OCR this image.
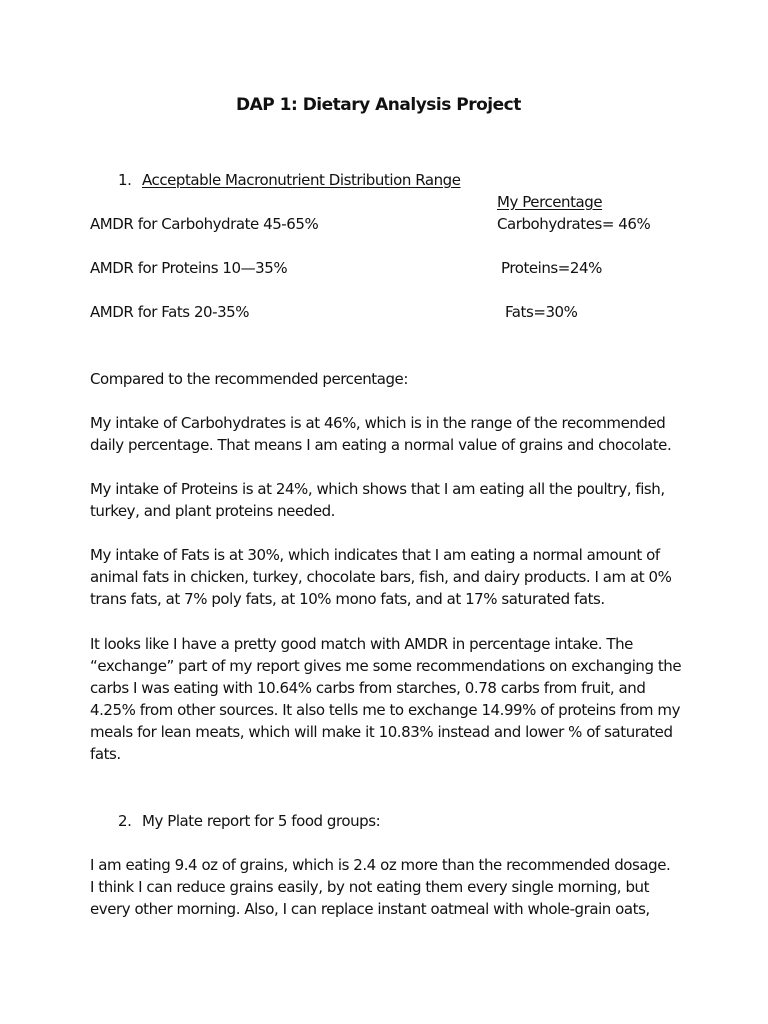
DAP 1: Dietary Analysis Project
1. Acceptable Macronutrient Distribution Range
My Percentage
AMDR for Carbohydrate 45-65%	Carbohydrates= 46%
AMDR for Proteins 10—35%	Proteins=24%
AMDR for Fats 20-35%	Fats=30%
Compared to the recommended percentage:
My intake of Carbohydrates is at 46%, which is in the range of the recommended
daily percentage. That means I am eating a normal value of grains and chocolate.
My intake of Proteins is at 24%, which shows that I am eating all the poultry, fish,
turkey, and plant proteins needed.
My intake of Fats is at 30%, which indicates that I am eating a normal amount of
animal fats in chicken, turkey, chocolate bars, fish, and dairy products. I am at 0%
trans fats, at 7% poly fats, at 10% mono fats, and at 17% saturated fats.
It looks like I have a pretty good match with AMDR in percentage intake. The
“exchange” part of my report gives me some recommendations on exchanging the
carbs I was eating with 10.64% carbs from starches, 0.78 carbs from fruit, and
4.25% from other sources. It also tells me to exchange 14.99% of proteins from my
meals for lean meats, which will make it 10.83% instead and lower % of saturated
fats.
2. My Plate report for 5 food groups:
I am eating 9.4 oz of grains, which is 2.4 oz more than the recommended dosage.
I think I can reduce grains easily, by not eating them every single morning, but
every other morning. Also, I can replace instant oatmeal with whole-grain oats,
